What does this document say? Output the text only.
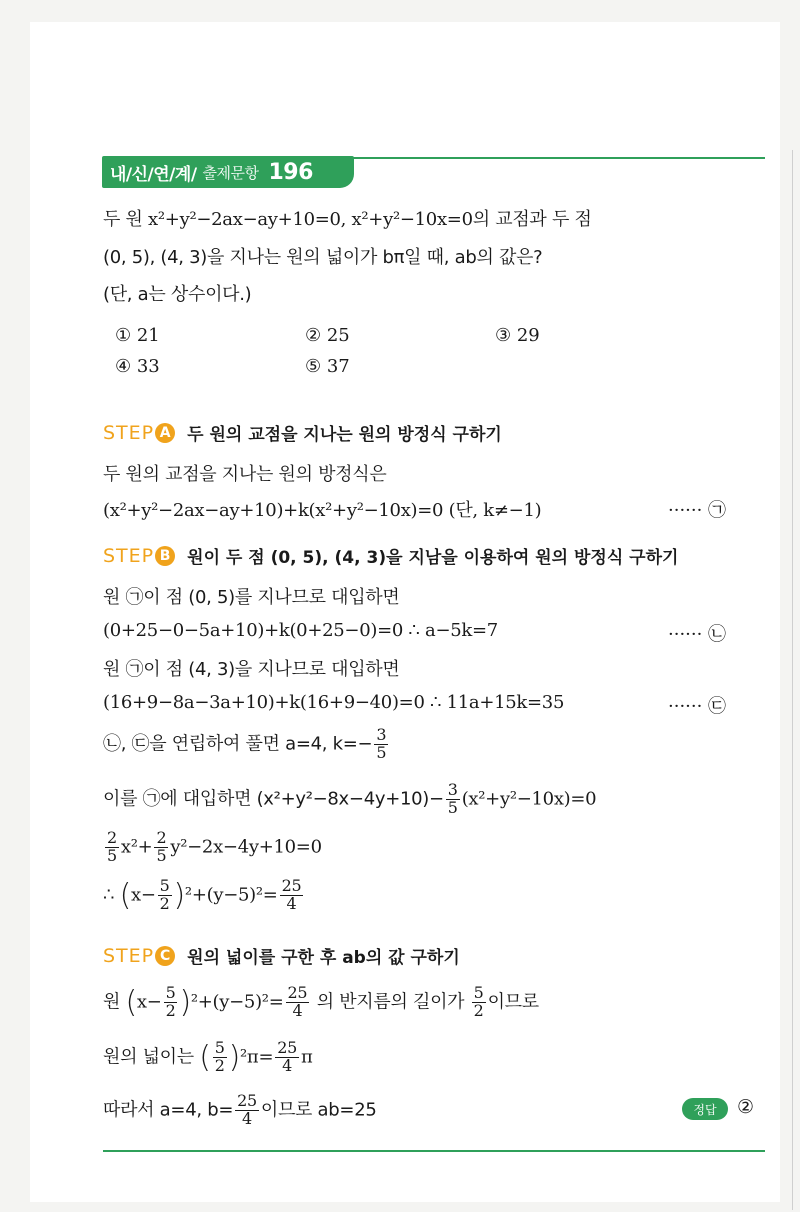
내/신/연/계/ 출제문항 196
두 원 x²+y²−2ax−ay+10=0, x²+y²−10x=0의 교점과 두 점
(0, 5), (4, 3)을 지나는 원의 넓이가 bπ일 때, ab의 값은?
(단, a는 상수이다.)
① 21	② 25	③ 29
④ 33	⑤ 37
STEP A 두 원의 교점을 지나는 원의 방정식 구하기
두 원의 교점을 지나는 원의 방정식은
(x²+y²−2ax−ay+10)+k(x²+y²−10x)=0 (단, k≠−1)	······ ㉠
STEP B 원이 두 점 (0, 5), (4, 3)을 지남을 이용하여 원의 방정식 구하기
원 ㉠이 점 (0, 5)를 지나므로 대입하면
(0+25−0−5a+10)+k(0+25−0)=0 ∴ a−5k=7	······ ㉡
원 ㉠이 점 (4, 3)을 지나므로 대입하면
(16+9−8a−3a+10)+k(16+9−40)=0 ∴ 11a+15k=35	······ ㉢
㉡, ㉢을 연립하여 풀면 a=4, $k=- \frac{3}{5}$
이를 ㉠에 대입하면 $(x^2+y^2-8x-4y+10)- \frac{3}{5} (x^2+y^2-10x)=0$
$\frac{2}{5} x^2+ \frac{2}{5} y^2-2x-4y+10=0$
∴ $(x- \frac{5}{2} )^2+(y-5)^2= \frac{25}{4}$
STEP C 원의 넓이를 구한 후 ab의 값 구하기
원 $(x- \frac{5}{2} )^2+(y-5)^2= \frac{25}{4}$ 의 반지름의 길이가 $\frac{5}{2}$ 이므로
원의 넓이는 ( $\frac{5}{2} )^2\pi= \frac{25}{4}$ π
따라서 a=4, $b= \frac{25}{4}$ 이므로 ab=25	정답	②
